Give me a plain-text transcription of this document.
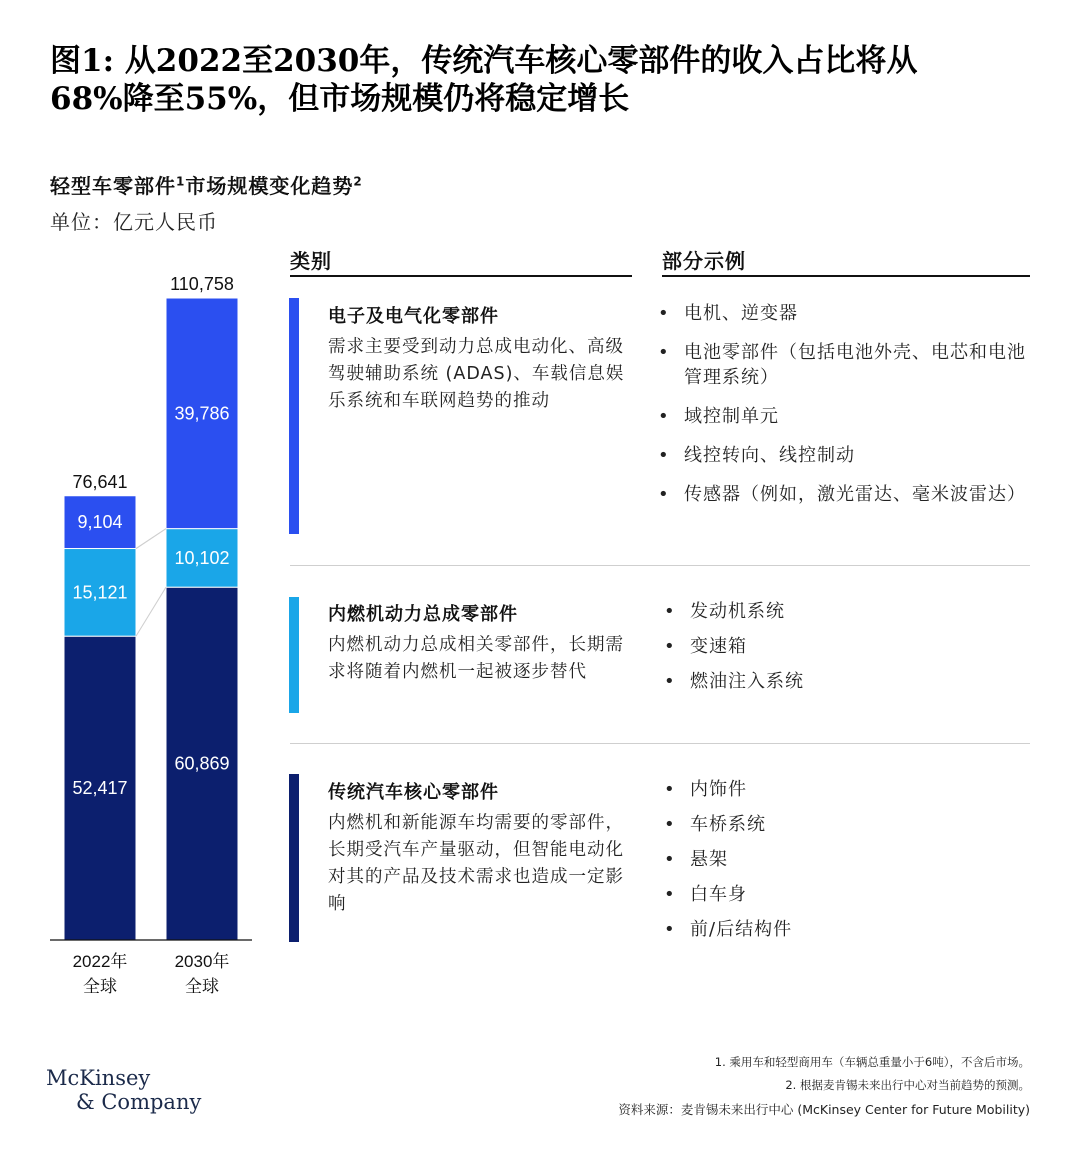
图1: 从2022至2030年，传统汽车核心零部件的收入占比将从
68%降至55%，但市场规模仍将稳定增长
轻型车零部件$^1$市场规模变化趋势$^2$
单位：亿元人民币
52,417
15,121
9,104
76,641
2022年
全球
60,869
10,102
39,786
110,758
2030年
全球
类别	部分示例
电子及电气化零部件
需求主要受到动力总成电动化、高级驾驶辅助系统 (ADAS)、车载信息娱乐系统和车联网趋势的推动
• 电机、逆变器
• 电池零部件（包括电池外壳、电芯和电池管理系统）
• 域控制单元
• 线控转向、线控制动
• 传感器（例如，激光雷达、毫米波雷达）
内燃机动力总成零部件
内燃机动力总成相关零部件，长期需求将随着内燃机一起被逐步替代
• 发动机系统
• 变速箱
• 燃油注入系统
传统汽车核心零部件
内燃机和新能源车均需要的零部件，长期受汽车产量驱动，但智能电动化对其的产品及技术需求也造成一定影响
• 内饰件
• 车桥系统
• 悬架
• 白车身
• 前/后结构件
McKinsey
& Company
1. 乘用车和轻型商用车（车辆总重量小于6吨），不含后市场。
2. 根据麦肯锡未来出行中心对当前趋势的预测。
资料来源：麦肯锡未来出行中心 (McKinsey Center for Future Mobility)
